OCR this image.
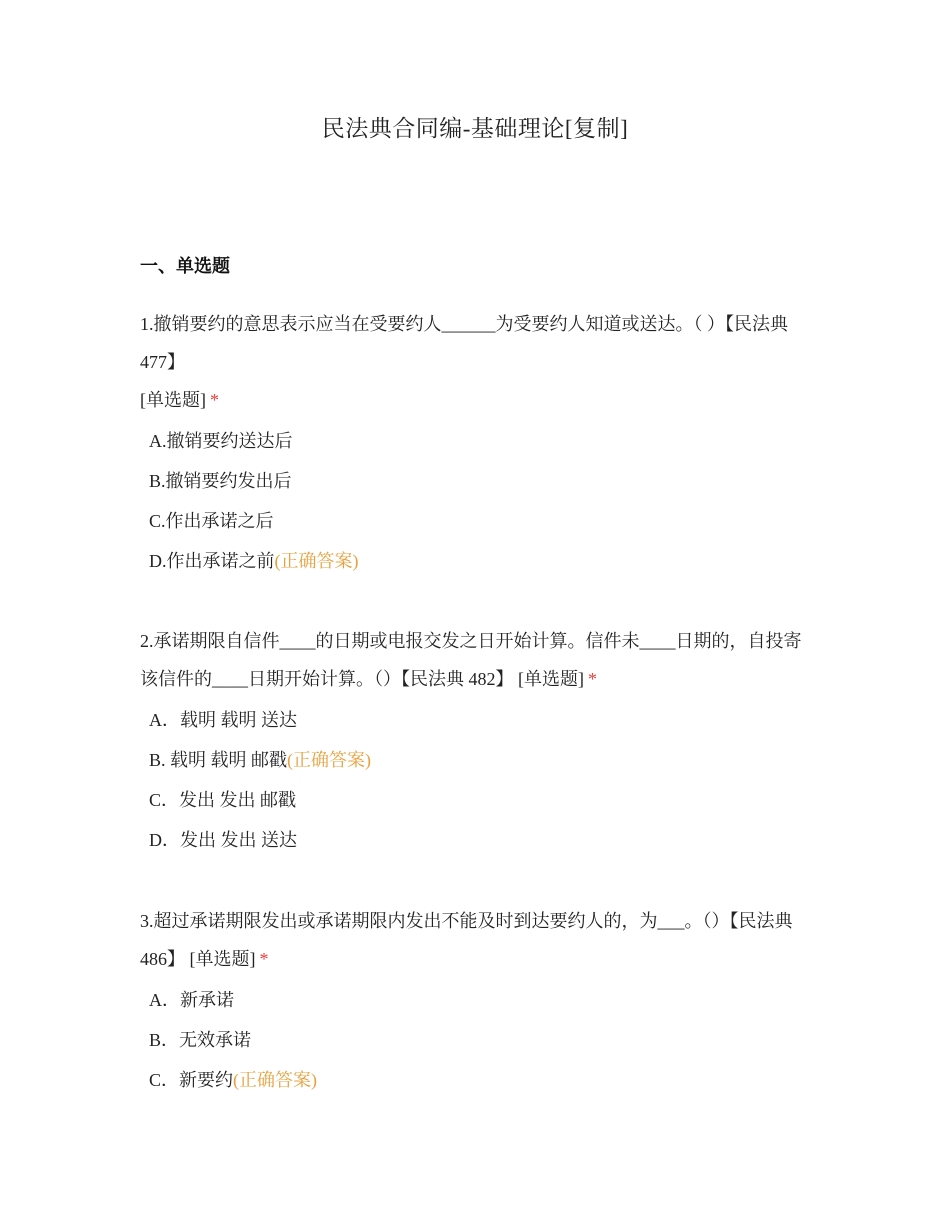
民法典合同编-基础理论[复制]
一、单选题
1.撤销要约的意思表示应当在受要约人______为受要约人知道或送达。（ ）【民法典 477】
[单选题] *
A.撤销要约送达后
B.撤销要约发出后
C.作出承诺之后
D.作出承诺之前(正确答案)
2.承诺期限自信件____的日期或电报交发之日开始计算。信件未____日期的，自投寄该信件的____日期开始计算。（）【民法典 482】 [单选题] *
A．载明 载明 送达
B. 载明 载明 邮戳(正确答案)
C．发出 发出 邮戳
D．发出 发出 送达
3.超过承诺期限发出或承诺期限内发出不能及时到达要约人的，为___。（）【民法典 486】 [单选题] *
A．新承诺
B．无效承诺
C．新要约(正确答案)
